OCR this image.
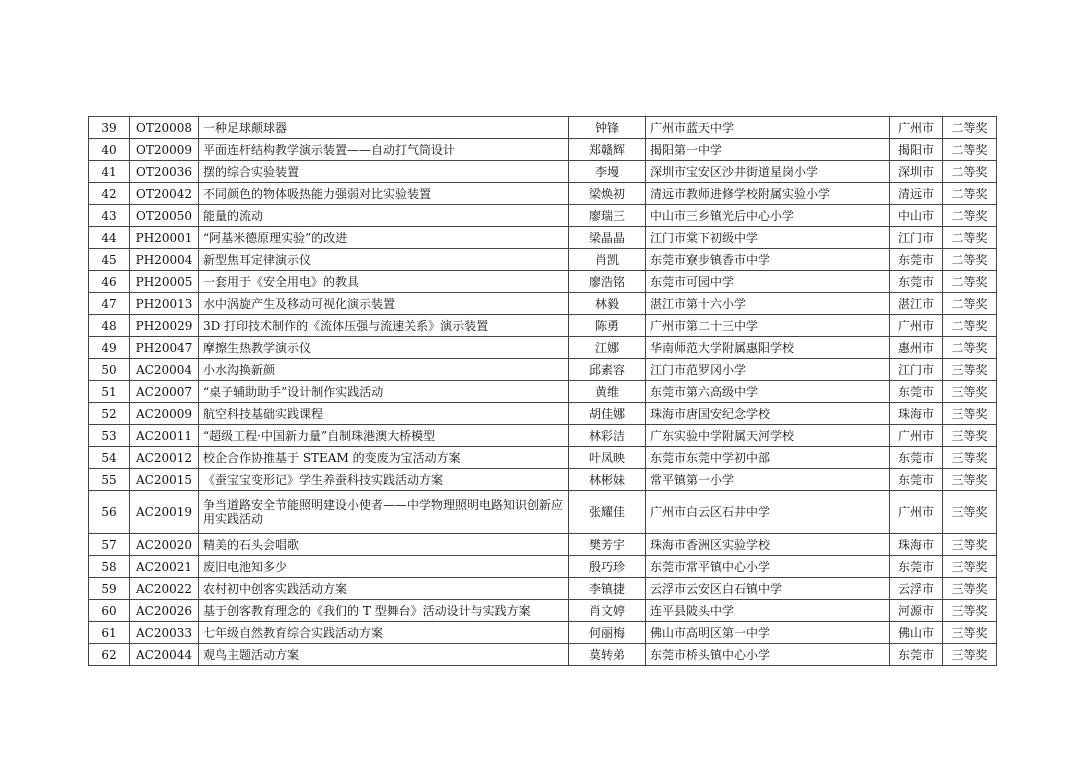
39	OT20008	一种足球颠球器	钟锋	广州市蓝天中学	广州市	二等奖
40	OT20009	平面连杆结构教学演示装置——自动打气筒设计	郑赣辉	揭阳第一中学	揭阳市	二等奖
41	OT20036	摆的综合实验装置	李墁	深圳市宝安区沙井街道星岗小学	深圳市	二等奖
42	OT20042	不同颜色的物体吸热能力强弱对比实验装置	梁焕初	清远市教师进修学校附属实验小学	清远市	二等奖
43	OT20050	能量的流动	廖瑞三	中山市三乡镇光后中心小学	中山市	二等奖
44	PH20001	“阿基米德原理实验”的改进	梁晶晶	江门市棠下初级中学	江门市	二等奖
45	PH20004	新型焦耳定律演示仪	肖凯	东莞市寮步镇香市中学	东莞市	二等奖
46	PH20005	一套用于《安全用电》的教具	廖浩铭	东莞市可园中学	东莞市	二等奖
47	PH20013	水中涡旋产生及移动可视化演示装置	林毅	湛江市第十六小学	湛江市	二等奖
48	PH20029	3D 打印技术制作的《流体压强与流速关系》演示装置	陈勇	广州市第二十三中学	广州市	二等奖
49	PH20047	摩擦生热教学演示仪	江娜	华南师范大学附属惠阳学校	惠州市	二等奖
50	AC20004	小水沟换新颜	邱素容	江门市范罗冈小学	江门市	三等奖
51	AC20007	“桌子辅助助手”设计制作实践活动	黄维	东莞市第六高级中学	东莞市	三等奖
52	AC20009	航空科技基础实践课程	胡佳娜	珠海市唐国安纪念学校	珠海市	三等奖
53	AC20011	“超级工程·中国新力量”自制珠港澳大桥模型	林彩洁	广东实验中学附属天河学校	广州市	三等奖
54	AC20012	校企合作协推基于 STEAM 的变废为宝活动方案	叶凤映	东莞市东莞中学初中部	东莞市	三等奖
55	AC20015	《蚕宝宝变形记》学生养蚕科技实践活动方案	林彬妹	常平镇第一小学	东莞市	三等奖
56	AC20019	争当道路安全节能照明建设小使者——中学物理照明电路知识创新应用实践活动	张耀佳	广州市白云区石井中学	广州市	三等奖
57	AC20020	精美的石头会唱歌	樊芳宇	珠海市香洲区实验学校	珠海市	三等奖
58	AC20021	废旧电池知多少	殷巧珍	东莞市常平镇中心小学	东莞市	三等奖
59	AC20022	农村初中创客实践活动方案	李镇捷	云浮市云安区白石镇中学	云浮市	三等奖
60	AC20026	基于创客教育理念的《我们的 T 型舞台》活动设计与实践方案	肖文婷	连平县陂头中学	河源市	三等奖
61	AC20033	七年级自然教育综合实践活动方案	何丽梅	佛山市高明区第一中学	佛山市	三等奖
62	AC20044	观鸟主题活动方案	莫转弟	东莞市桥头镇中心小学	东莞市	三等奖
